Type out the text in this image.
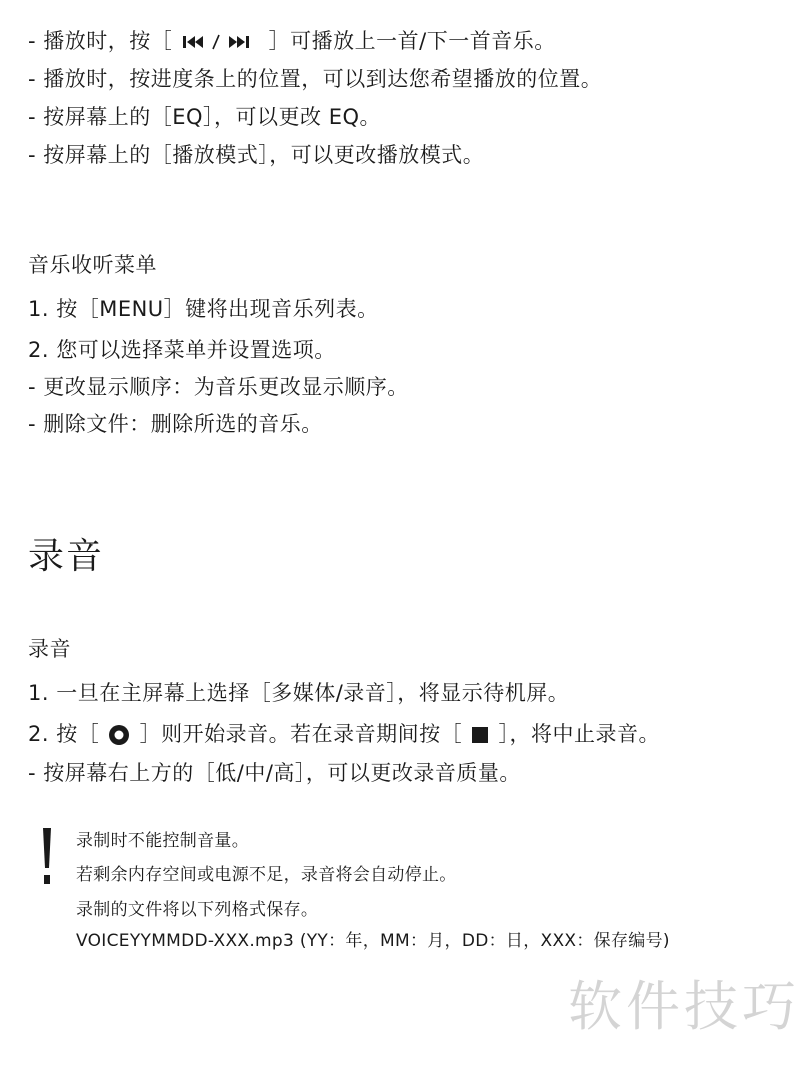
- 播放时，按［	］可播放上一首/下一首音乐。
- 播放时，按进度条上的位置，可以到达您希望播放的位置。
- 按屏幕上的［EQ］，可以更改 EQ。
- 按屏幕上的［播放模式］，可以更改播放模式。
音乐收听菜单
1. 按［MENU］键将出现音乐列表。
2. 您可以选择菜单并设置选项。
- 更改显示顺序：为音乐更改显示顺序。
- 删除文件：删除所选的音乐。
录音
录音
1. 一旦在主屏幕上选择［多媒体/录音］，将显示待机屏。
2. 按［ ］则开始录音。若在录音期间按［ ］，将中止录音。
- 按屏幕右上方的［低/中/高］，可以更改录音质量。
录制时不能控制音量。
若剩余内存空间或电源不足，录音将会自动停止。
录制的文件将以下列格式保存。
VOICEYYMMDD-XXX.mp3 (YY：年，MM：月，DD：日，XXX：保存编号)
软件技巧
